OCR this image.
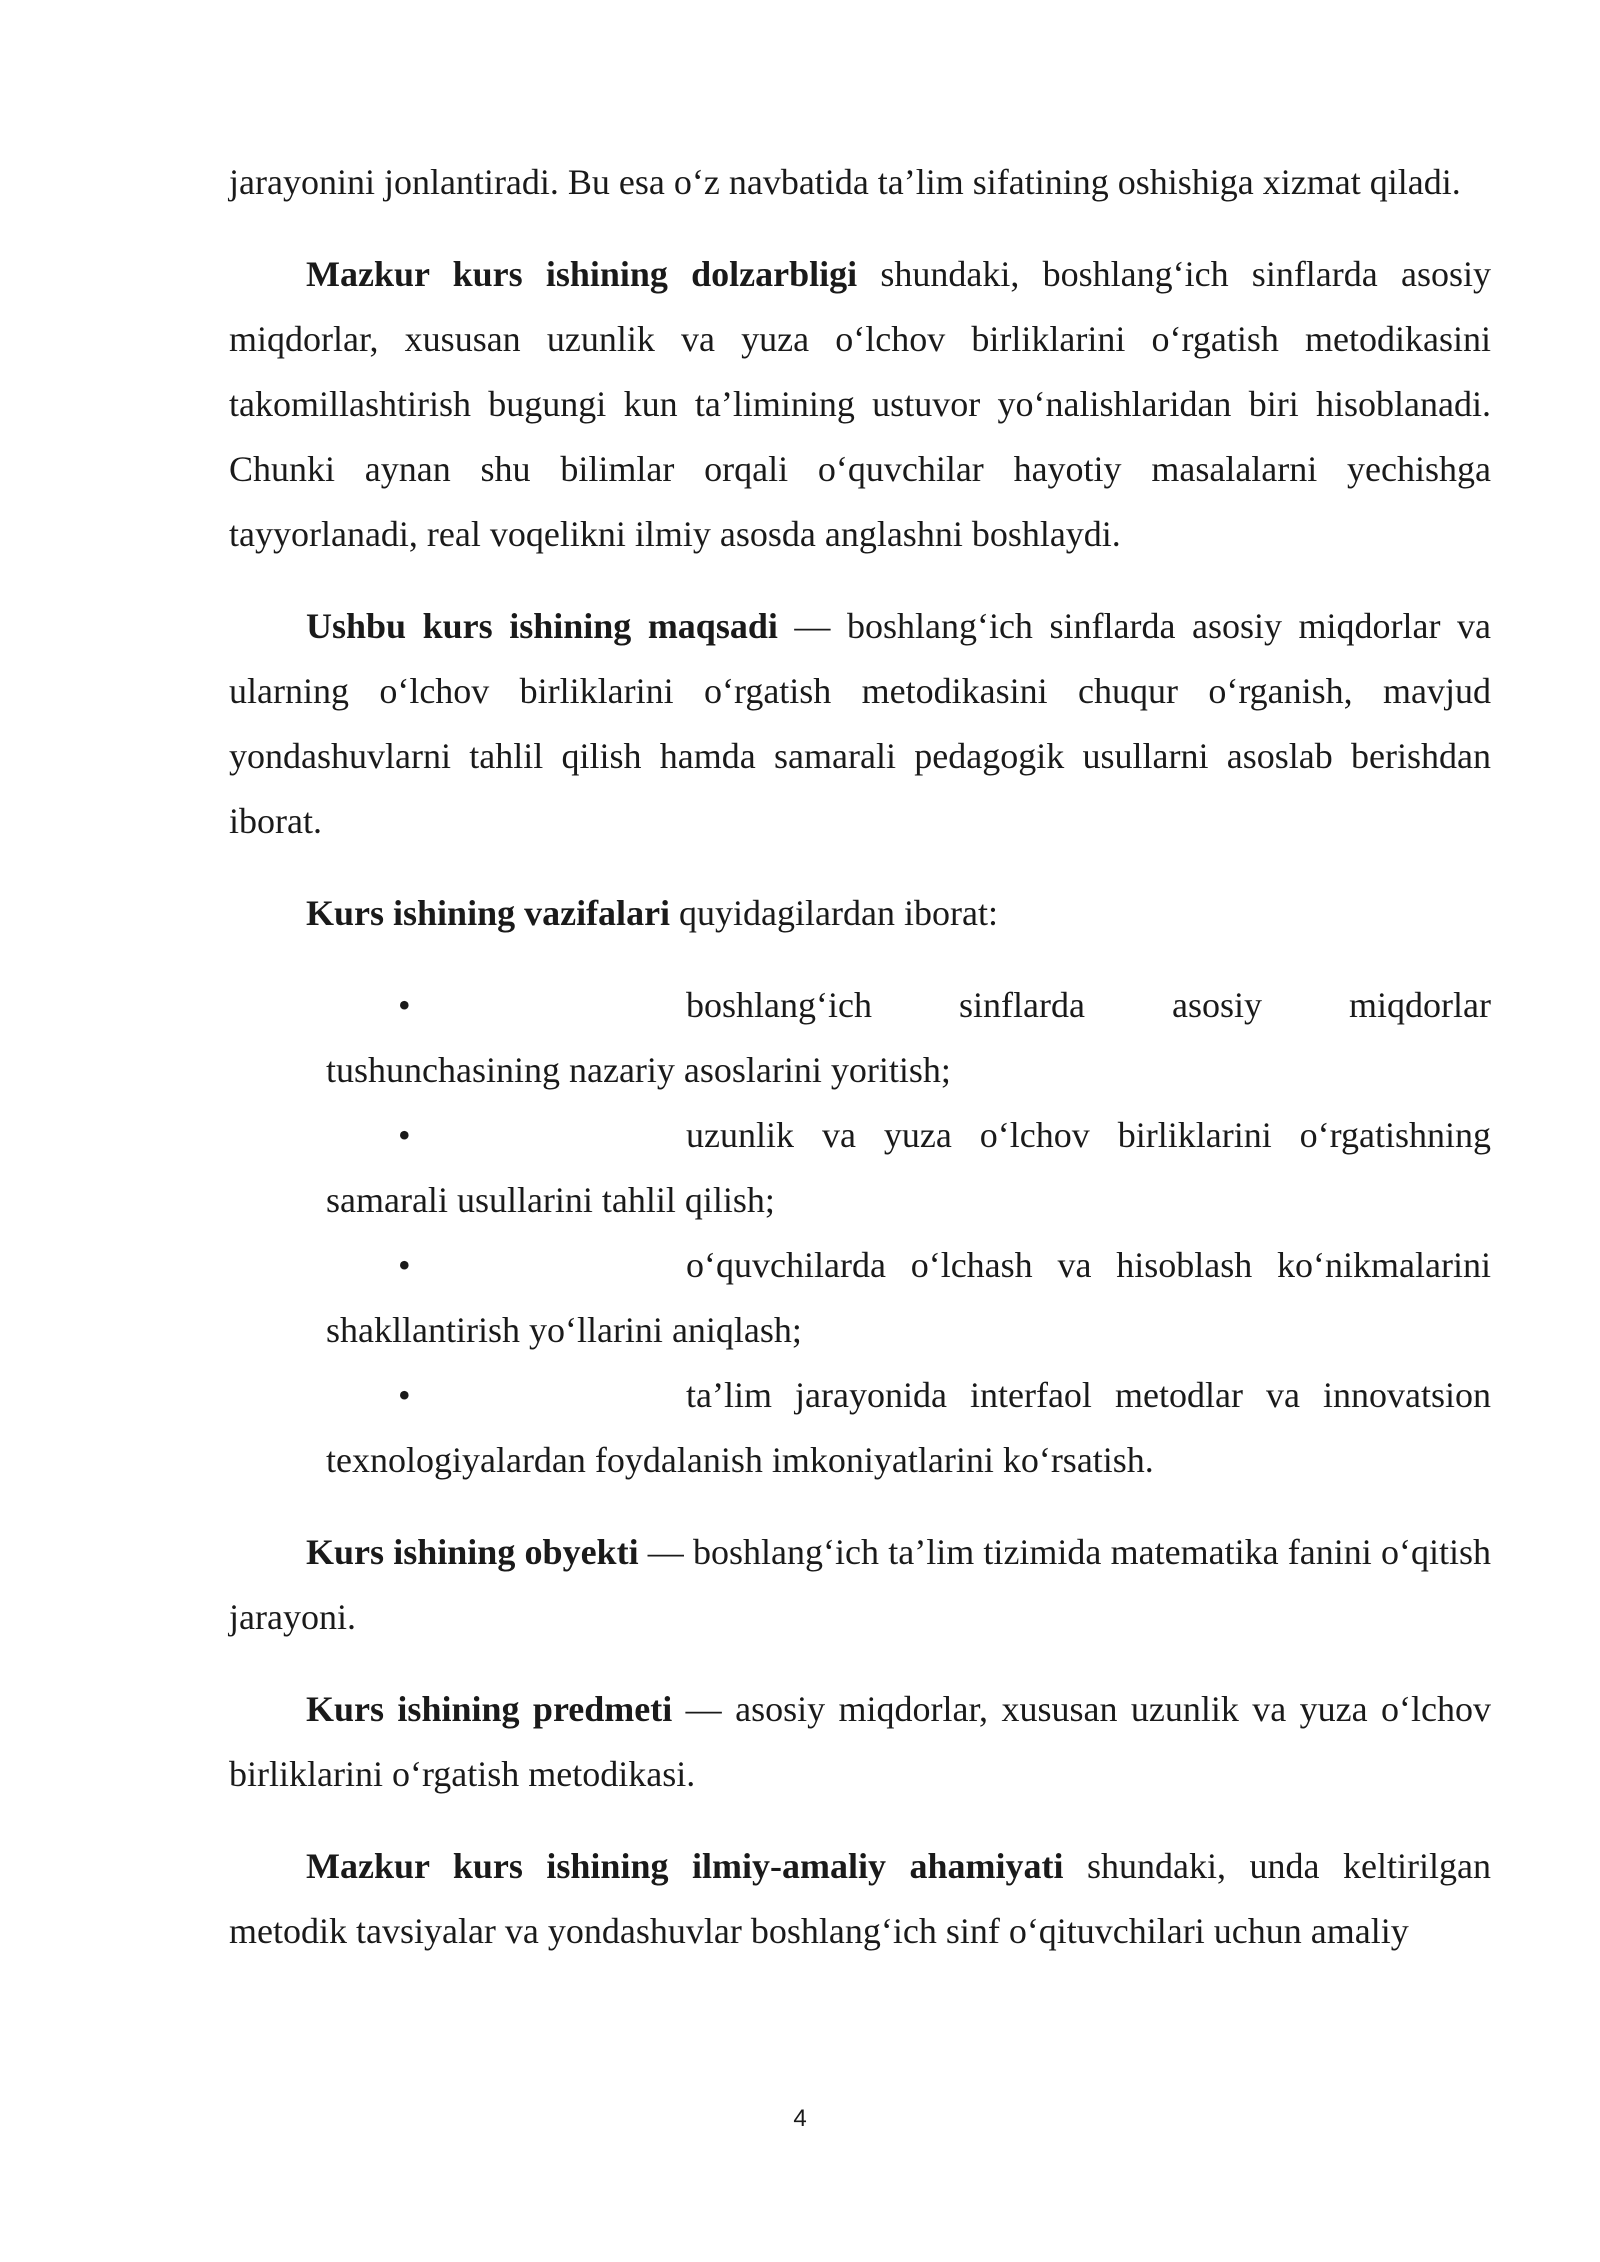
jarayonini jonlantiradi. Bu esa o‘z navbatida ta’lim sifatining oshishiga xizmat qiladi.

Mazkur kurs ishining dolzarbligi shundaki, boshlang‘ich sinflarda asosiy miqdorlar, xususan uzunlik va yuza o‘lchov birliklarini o‘rgatish metodikasini takomillashtirish bugungi kun ta’limining ustuvor yo‘nalishlaridan biri hisoblanadi. Chunki aynan shu bilimlar orqali o‘quvchilar hayotiy masalalarni yechishga tayyorlanadi, real voqelikni ilmiy asosda anglashni boshlaydi.

Ushbu kurs ishining maqsadi — boshlang‘ich sinflarda asosiy miqdorlar va ularning o‘lchov birliklarini o‘rgatish metodikasini chuqur o‘rganish, mavjud yondashuvlarni tahlil qilish hamda samarali pedagogik usullarni asoslab berishdan iborat.

Kurs ishining vazifalari quyidagilardan iborat:

•	boshlang‘ich sinflarda asosiy miqdorlar tushunchasining nazariy asoslarini yoritish;
•	uzunlik va yuza o‘lchov birliklarini o‘rgatishning samarali usullarini tahlil qilish;
•	o‘quvchilarda o‘lchash va hisoblash ko‘nikmalarini shakllantirish yo‘llarini aniqlash;
•	ta’lim jarayonida interfaol metodlar va innovatsion texnologiyalardan foydalanish imkoniyatlarini ko‘rsatish.

Kurs ishining obyekti — boshlang‘ich ta’lim tizimida matematika fanini o‘qitish jarayoni.

Kurs ishining predmeti — asosiy miqdorlar, xususan uzunlik va yuza o‘lchov birliklarini o‘rgatish metodikasi.

Mazkur kurs ishining ilmiy-amaliy ahamiyati shundaki, unda keltirilgan metodik tavsiyalar va yondashuvlar boshlang‘ich sinf o‘qituvchilari uchun amaliy

4
